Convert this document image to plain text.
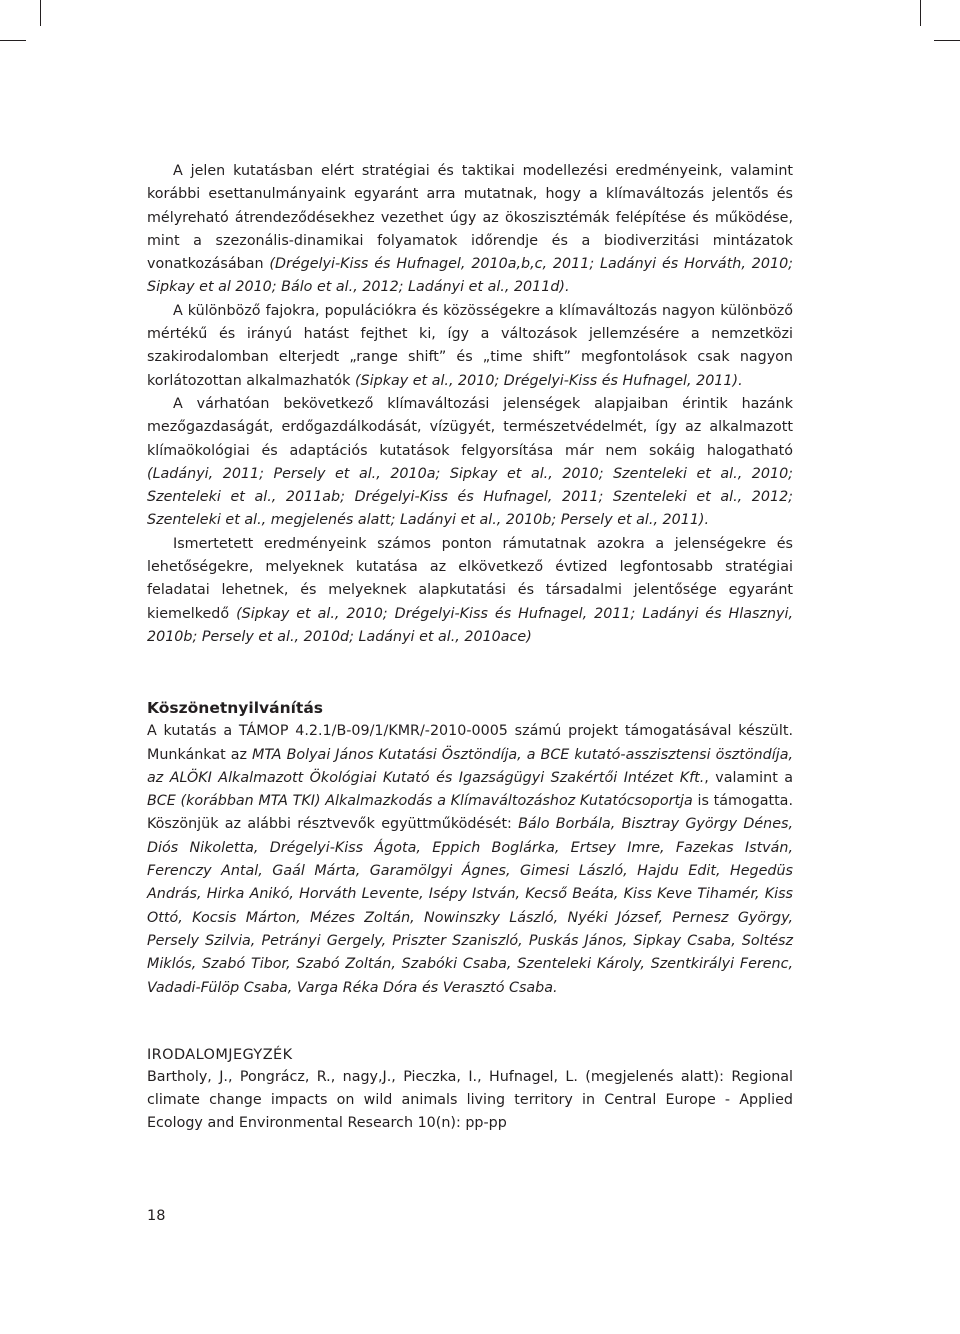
A jelen kutatásban elért stratégiai és taktikai modellezési eredményeink, valamint korábbi esettanulmányaink egyaránt arra mutatnak, hogy a klímaváltozás jelentős és mélyreható átrendeződésekhez vezethet úgy az ökoszisztémák felépítése és működése, mint a szezonális-dinamikai folyamatok időrendje és a biodiverzitási mintázatok vonatkozásában (Drégelyi-Kiss és Hufnagel, 2010a,b,c, 2011; Ladányi és Horváth, 2010; Sipkay et al 2010; Bálo et al., 2012; Ladányi et al., 2011d).

A különböző fajokra, populációkra és közösségekre a klímaváltozás nagyon különböző mértékű és irányú hatást fejthet ki, így a változások jellemzésére a nemzetközi szakirodalomban elterjedt „range shift” és „time shift” megfontolások csak nagyon korlátozottan alkalmazhatók (Sipkay et al., 2010; Drégelyi-Kiss és Hufnagel, 2011).

A várhatóan bekövetkező klímaváltozási jelenségek alapjaiban érintik hazánk mezőgazdaságát, erdőgazdálkodását, vízügyét, természetvédelmét, így az alkalmazott klímaökológiai és adaptációs kutatások felgyorsítása már nem sokáig halogatható (Ladányi, 2011; Persely et al., 2010a; Sipkay et al., 2010; Szenteleki et al., 2010; Szenteleki et al., 2011ab; Drégelyi-Kiss és Hufnagel, 2011; Szenteleki et al., 2012; Szenteleki et al., megjelenés alatt; Ladányi et al., 2010b; Persely et al., 2011).

Ismertetett eredményeink számos ponton rámutatnak azokra a jelenségekre és lehetőségekre, melyeknek kutatása az elkövetkező évtized legfontosabb stratégiai feladatai lehetnek, és melyeknek alapkutatási és társadalmi jelentősége egyaránt kiemelkedő (Sipkay et al., 2010; Drégelyi-Kiss és Hufnagel, 2011; Ladányi és Hlasznyi, 2010b; Persely et al., 2010d; Ladányi et al., 2010ace)

Köszönetnyilvánítás

A kutatás a TÁMOP 4.2.1/B-09/1/KMR/-2010-0005 számú projekt támogatásával készült. Munkánkat az MTA Bolyai János Kutatási Ösztöndíja, a BCE kutató-asszisztensi ösztöndíja, az ALÖKI Alkalmazott Ökológiai Kutató és Igazságügyi Szakértői Intézet Kft., valamint a BCE (korábban MTA TKI) Alkalmazkodás a Klímaváltozáshoz Kutatócsoportja is támogatta. Köszönjük az alábbi résztvevők együttműködését: Bálo Borbála, Bisztray György Dénes, Diós Nikoletta, Drégelyi-Kiss Ágota, Eppich Boglárka, Ertsey Imre, Fazekas István, Ferenczy Antal, Gaál Márta, Garamölgyi Ágnes, Gimesi László, Hajdu Edit, Hegedüs András, Hirka Anikó, Horváth Levente, Isépy István, Kecső Beáta, Kiss Keve Tihamér, Kiss Ottó, Kocsis Márton, Mézes Zoltán, Nowinszky László, Nyéki József, Pernesz György, Persely Szilvia, Petrányi Gergely, Priszter Szaniszló, Puskás János, Sipkay Csaba, Soltész Miklós, Szabó Tibor, Szabó Zoltán, Szabóki Csaba, Szenteleki Károly, Szentkirályi Ferenc, Vadadi-Fülöp Csaba, Varga Réka Dóra és Verasztó Csaba.

IRODALOMJEGYZÉK

Bartholy, J., Pongrácz, R., nagy,J., Pieczka, I., Hufnagel, L. (megjelenés alatt): Regional climate change impacts on wild animals living territory in Central Europe - Applied Ecology and Environmental Research 10(n): pp-pp

18
